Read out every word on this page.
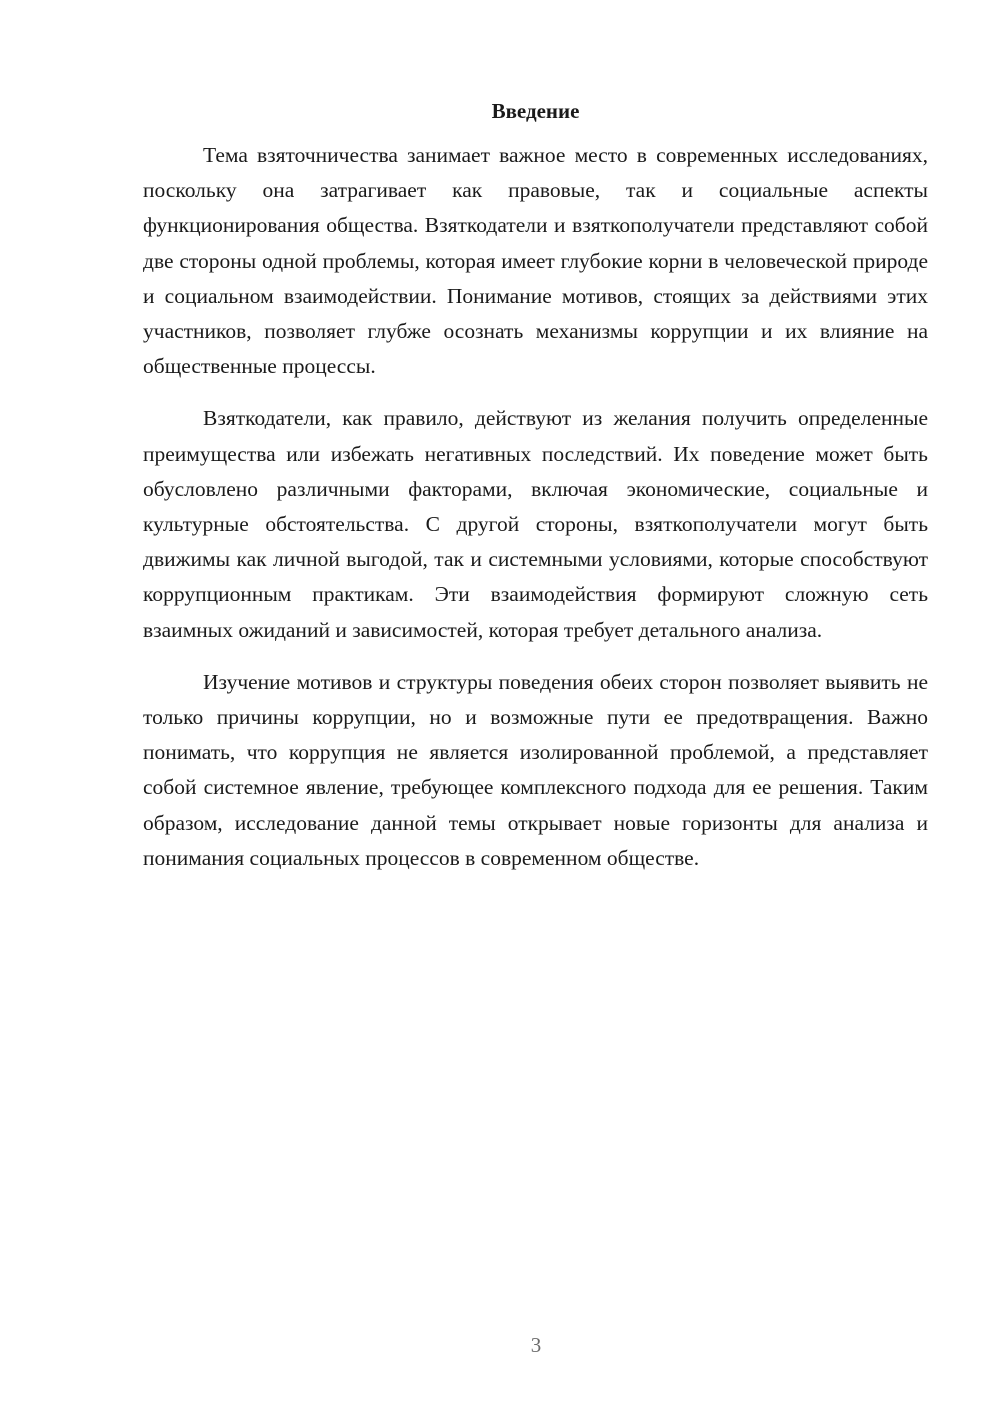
Введение

Тема взяточничества занимает важное место в современных исследованиях, поскольку она затрагивает как правовые, так и социальные аспекты функционирования общества. Взяткодатели и взяткополучатели представляют собой две стороны одной проблемы, которая имеет глубокие корни в человеческой природе и социальном взаимодействии. Понимание мотивов, стоящих за действиями этих участников, позволяет глубже осознать механизмы коррупции и их влияние на общественные процессы.

Взяткодатели, как правило, действуют из желания получить определенные преимущества или избежать негативных последствий. Их поведение может быть обусловлено различными факторами, включая экономические, социальные и культурные обстоятельства. С другой стороны, взяткополучатели могут быть движимы как личной выгодой, так и системными условиями, которые способствуют коррупционным практикам. Эти взаимодействия формируют сложную сеть взаимных ожиданий и зависимостей, которая требует детального анализа.

Изучение мотивов и структуры поведения обеих сторон позволяет выявить не только причины коррупции, но и возможные пути ее предотвращения. Важно понимать, что коррупция не является изолированной проблемой, а представляет собой системное явление, требующее комплексного подхода для ее решения. Таким образом, исследование данной темы открывает новые горизонты для анализа и понимания социальных процессов в современном обществе.

3
